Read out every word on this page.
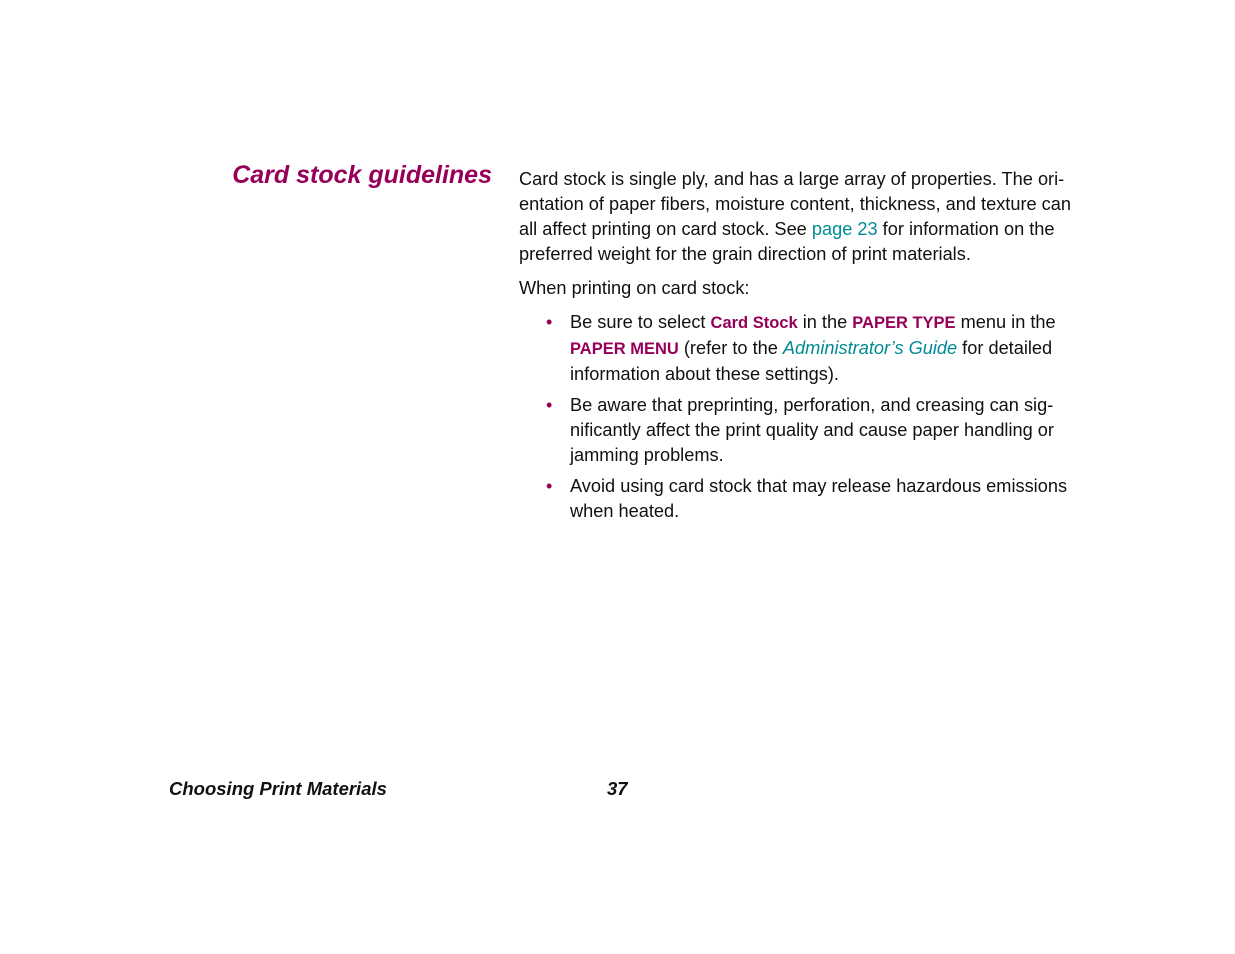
Card stock guidelines Card stock is single ply, and has a large array of properties. The ori-entation of paper fibers, moisture content, thickness, and texture can all affect printing on card stock. See page 23 for information on the preferred weight for the grain direction of print materials.

When printing on card stock:

• Be sure to select Card Stock in the PAPER TYPE menu in the PAPER MENU (refer to the Administrator’s Guide for detailed information about these settings).
• Be aware that preprinting, perforation, and creasing can sig-nificantly affect the print quality and cause paper handling or jamming problems.
• Avoid using card stock that may release hazardous emissions when heated.
Choosing Print Materials	37
